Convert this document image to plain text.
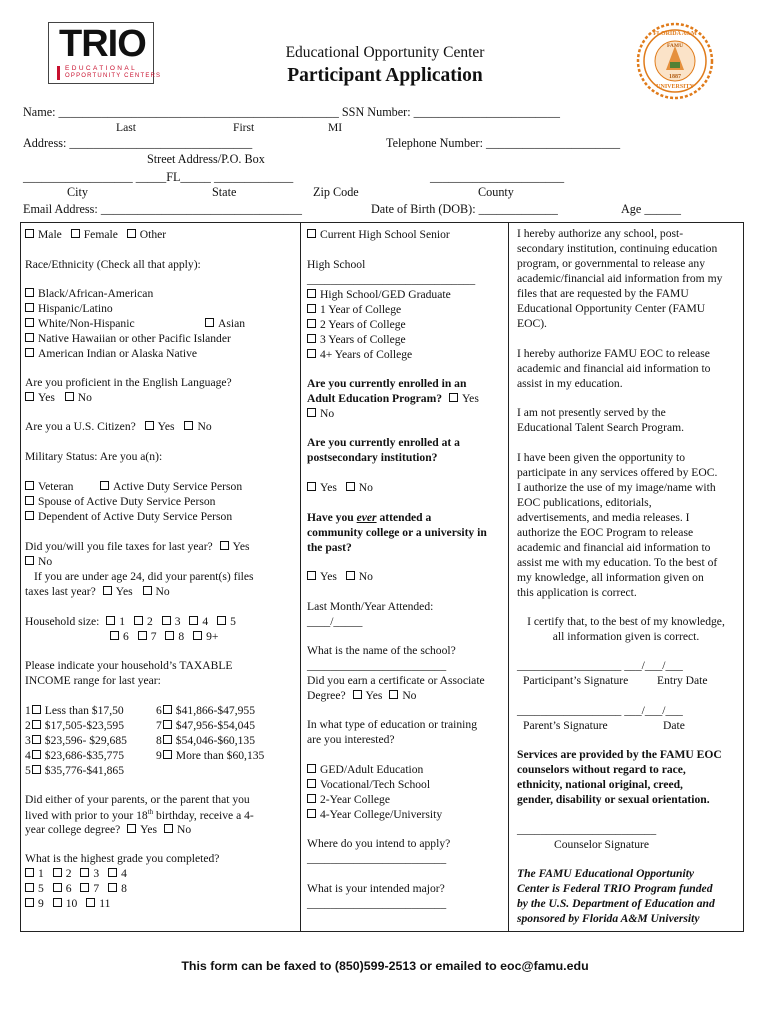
TRIO
EDUCATIONAL
OPPORTUNITY CENTERS
FLORIDA A&M
FAMU
1887
UNIVERSITY
Educational Opportunity Center
Participant Application
Name: ______________________________________________ SSN Number: ________________________
Last	First	MI
Address: ______________________________	Telephone Number: ______________________
Street Address/P.O. Box
__________________ _____FL_____ _____________	______________________
City	State	Zip Code	County
Email Address: _________________________________	Date of Birth (DOB): _____________	Age ______
Male Female Other
Race/Ethnicity (Check all that apply):
Black/African-American
Hispanic/Latino
White/Non-Hispanic	Asian
Native Hawaiian or other Pacific Islander
American Indian or Alaska Native
Are you proficient in the English Language?
Yes No
Are you a U.S. Citizen? Yes No
Military Status: Are you a(n):
Veteran	Active Duty Service Person
Spouse of Active Duty Service Person
Dependent of Active Duty Service Person
Did you/will you file taxes for last year? Yes
No
If you are under age 24, did your parent(s) files
taxes last year? Yes No
Household size: 1 2 3 4 5
6 7 8 9+
Please indicate your household’s TAXABLE
INCOME range for last year:
1 Less than $17,50
2 $17,505-$23,595
3 $23,596- $29,685
4 $23,686-$35,775
5 $35,776-$41,865
6 $41,866-$47,955
7 $47,956-$54,045
8 $54,046-$60,135
9 More than $60,135
Did either of your parents, or the parent that you
lived with prior to your 18th birthday, receive a 4-
year college degree? Yes No
What is the highest grade you completed?
1 2 3 4
5 6 7 8
9 10 11
Current High School Senior
High School
_____________________________
High School/GED Graduate
1 Year of College
2 Years of College
3 Years of College
4+ Years of College
Are you currently enrolled in an
Adult Education Program? Yes
No
Are you currently enrolled at a
postsecondary institution?
Yes No
Have you ever attended a
community college or a university in
the past?
Yes No
Last Month/Year Attended:
____/_____
What is the name of the school?
________________________
Did you earn a certificate or Associate
Degree? Yes No
In what type of education or training
are you interested?
GED/Adult Education
Vocational/Tech School
2-Year College
4-Year College/University
Where do you intend to apply?
________________________
What is your intended major?
________________________
I hereby authorize any school, post-
secondary institution, continuing education
program, or governmental to release any
academic/financial aid information from my
files that are requested by the FAMU
Educational Opportunity Center (FAMU
EOC).
I hereby authorize FAMU EOC to release
academic and financial aid information to
assist in my education.
I am not presently served by the
Educational Talent Search Program.
I have been given the opportunity to
participate in any services offered by EOC.
I authorize the use of my image/name with
EOC publications, editorials,
advertisements, and media releases. I
authorize the EOC Program to release
academic and financial aid information to
assist me with my education. To the best of
my knowledge, all information given on
this application is correct.
I certify that, to the best of my knowledge,
all information given is correct.
__________________ ___/___/___
Participant’s Signature Entry Date
__________________ ___/___/___
Parent’s Signature	Date
Services are provided by the FAMU EOC
counselors without regard to race,
ethnicity, national original, creed,
gender, disability or sexual orientation.
________________________
Counselor Signature
The FAMU Educational Opportunity
Center is Federal TRIO Program funded
by the U.S. Department of Education and
sponsored by Florida A&M University
This form can be faxed to (850)599-2513 or emailed to eoc@famu.edu
